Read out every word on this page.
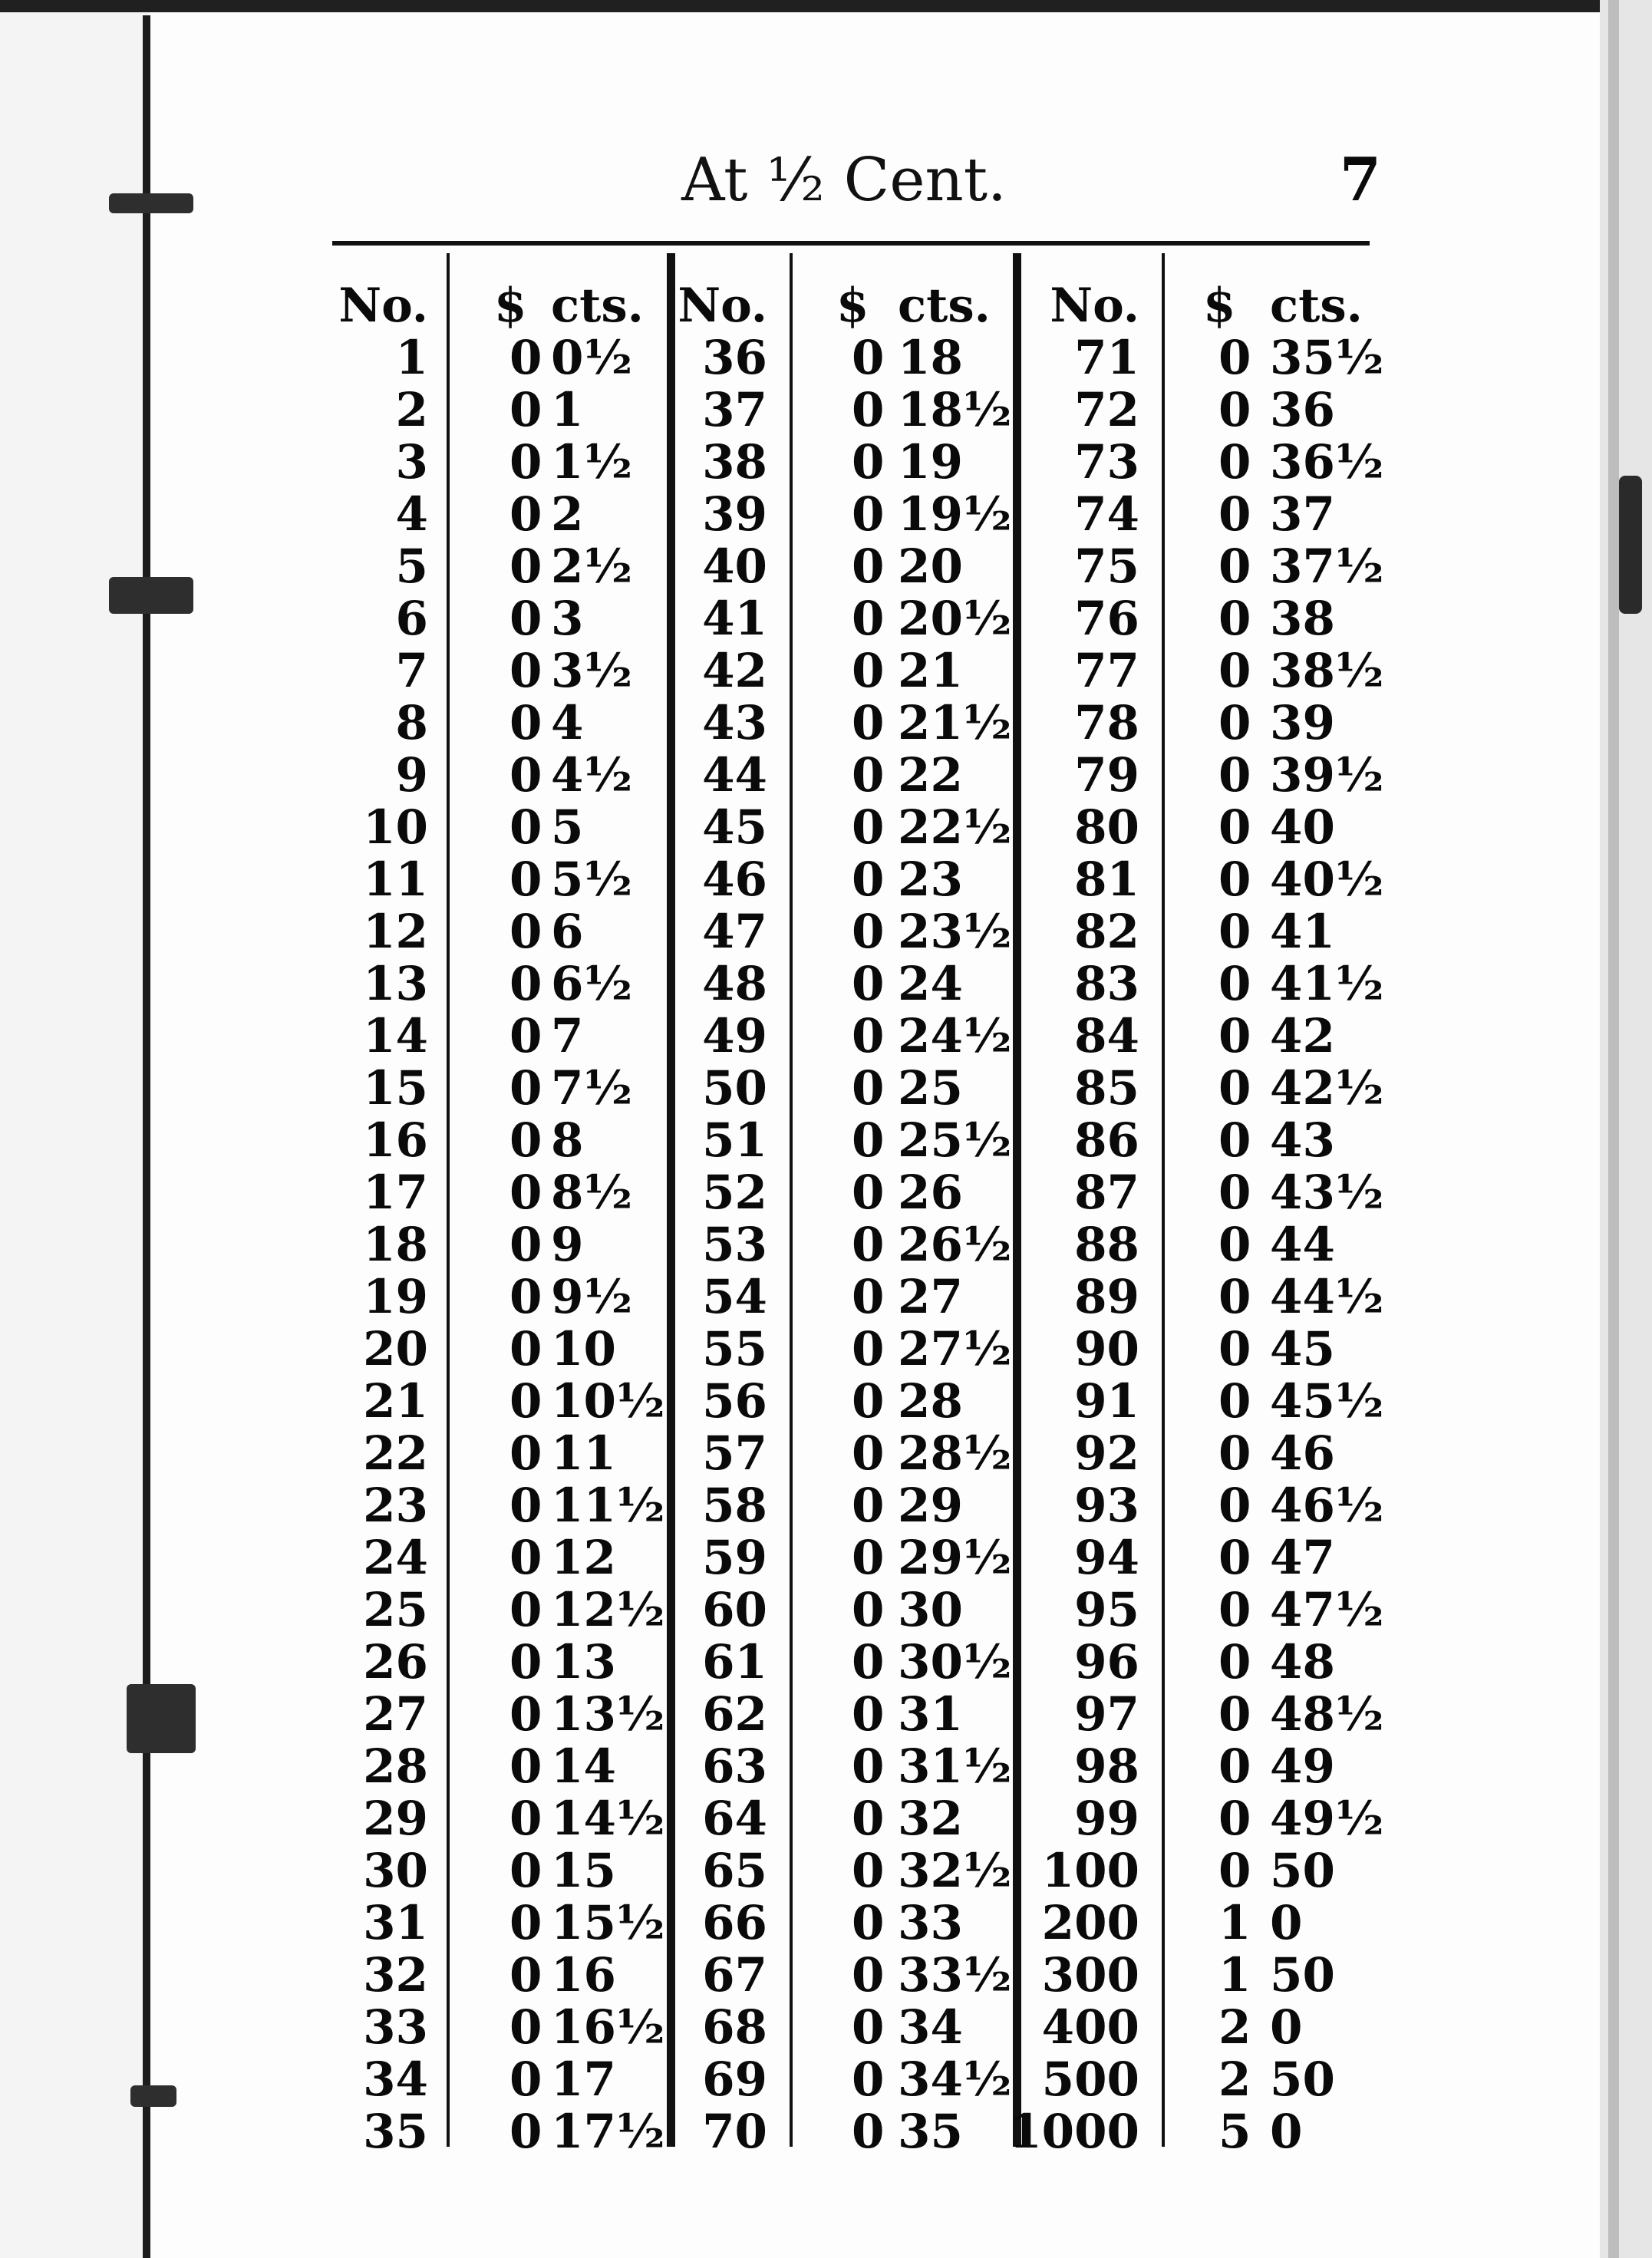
At ½ Cent.	7
No. $ cts. No. $ cts. No. $ cts.
1 0 0½
2 0 1
3 0 1½
4 0 2
5 0 2½
6 0 3
7 0 3½
8 0 4
9 0 4½
10 0 5
11 0 5½
12 0 6
13 0 6½
14 0 7
15 0 7½
16 0 8
17 0 8½
18 0 9
19 0 9½
20 0 10
21 0 10½
22 0 11
23 0 11½
24 0 12
25 0 12½
26 0 13
27 0 13½
28 0 14
29 0 14½
30 0 15
31 0 15½
32 0 16
33 0 16½
34 0 17
35 0 17½
36 0 18
37 0 18½
38 0 19
39 0 19½
40 0 20
41 0 20½
42 0 21
43 0 21½
44 0 22
45 0 22½
46 0 23
47 0 23½
48 0 24
49 0 24½
50 0 25
51 0 25½
52 0 26
53 0 26½
54 0 27
55 0 27½
56 0 28
57 0 28½
58 0 29
59 0 29½
60 0 30
61 0 30½
62 0 31
63 0 31½
64 0 32
65 0 32½
66 0 33
67 0 33½
68 0 34
69 0 34½
70 0 35
71 0 35½
72 0 36
73 0 36½
74 0 37
75 0 37½
76 0 38
77 0 38½
78 0 39
79 0 39½
80 0 40
81 0 40½
82 0 41
83 0 41½
84 0 42
85 0 42½
86 0 43
87 0 43½
88 0 44
89 0 44½
90 0 45
91 0 45½
92 0 46
93 0 46½
94 0 47
95 0 47½
96 0 48
97 0 48½
98 0 49
99 0 49½
100 0 50
200 1 0
300 1 50
400 2 0
500 2 50
1000 5 0
